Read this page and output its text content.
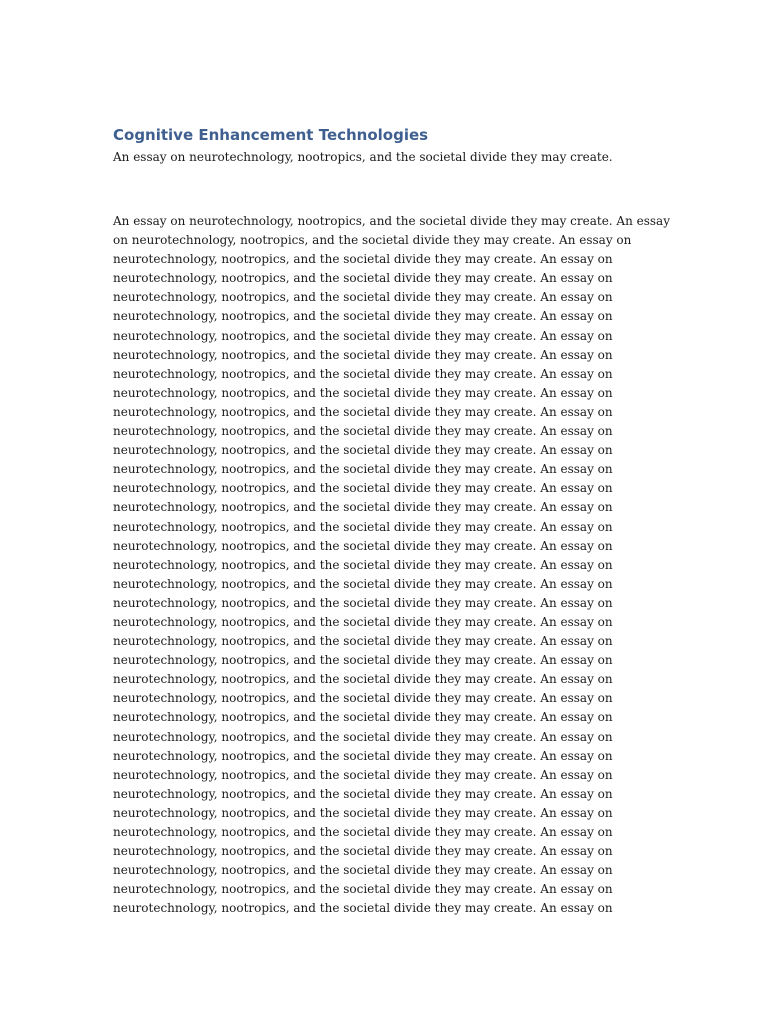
Cognitive Enhancement Technologies

An essay on neurotechnology, nootropics, and the societal divide they may create.

An essay on neurotechnology, nootropics, and the societal divide they may create. An essay
on neurotechnology, nootropics, and the societal divide they may create. An essay on
neurotechnology, nootropics, and the societal divide they may create. An essay on
neurotechnology, nootropics, and the societal divide they may create. An essay on
neurotechnology, nootropics, and the societal divide they may create. An essay on
neurotechnology, nootropics, and the societal divide they may create. An essay on
neurotechnology, nootropics, and the societal divide they may create. An essay on
neurotechnology, nootropics, and the societal divide they may create. An essay on
neurotechnology, nootropics, and the societal divide they may create. An essay on
neurotechnology, nootropics, and the societal divide they may create. An essay on
neurotechnology, nootropics, and the societal divide they may create. An essay on
neurotechnology, nootropics, and the societal divide they may create. An essay on
neurotechnology, nootropics, and the societal divide they may create. An essay on
neurotechnology, nootropics, and the societal divide they may create. An essay on
neurotechnology, nootropics, and the societal divide they may create. An essay on
neurotechnology, nootropics, and the societal divide they may create. An essay on
neurotechnology, nootropics, and the societal divide they may create. An essay on
neurotechnology, nootropics, and the societal divide they may create. An essay on
neurotechnology, nootropics, and the societal divide they may create. An essay on
neurotechnology, nootropics, and the societal divide they may create. An essay on
neurotechnology, nootropics, and the societal divide they may create. An essay on
neurotechnology, nootropics, and the societal divide they may create. An essay on
neurotechnology, nootropics, and the societal divide they may create. An essay on
neurotechnology, nootropics, and the societal divide they may create. An essay on
neurotechnology, nootropics, and the societal divide they may create. An essay on
neurotechnology, nootropics, and the societal divide they may create. An essay on
neurotechnology, nootropics, and the societal divide they may create. An essay on
neurotechnology, nootropics, and the societal divide they may create. An essay on
neurotechnology, nootropics, and the societal divide they may create. An essay on
neurotechnology, nootropics, and the societal divide they may create. An essay on
neurotechnology, nootropics, and the societal divide they may create. An essay on
neurotechnology, nootropics, and the societal divide they may create. An essay on
neurotechnology, nootropics, and the societal divide they may create. An essay on
neurotechnology, nootropics, and the societal divide they may create. An essay on
neurotechnology, nootropics, and the societal divide they may create. An essay on
neurotechnology, nootropics, and the societal divide they may create. An essay on
neurotechnology, nootropics, and the societal divide they may create. An essay on
